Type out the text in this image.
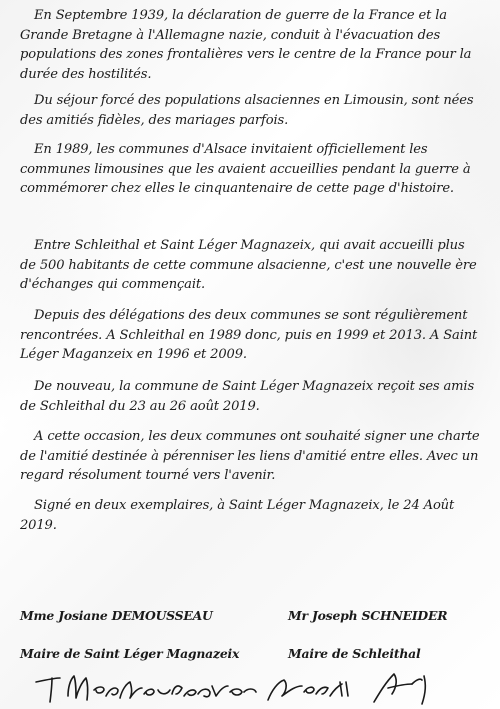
En Septembre 1939, la déclaration de guerre de la France et la Grande Bretagne à l'Allemagne nazie, conduit à l'évacuation des populations des zones frontalières vers le centre de la France pour la durée des hostilités.

Du séjour forcé des populations alsaciennes en Limousin, sont nées des amitiés fidèles, des mariages parfois.

En 1989, les communes d'Alsace invitaient officiellement les communes limousines que les avaient accueillies pendant la guerre à commémorer chez elles le cinquantenaire de cette page d'histoire.

Entre Schleithal et Saint Léger Magnazeix, qui avait accueilli plus de 500 habitants de cette commune alsacienne, c'est une nouvelle ère d'échanges qui commençait.

Depuis des délégations des deux communes se sont régulièrement rencontrées. A Schleithal en 1989 donc, puis en 1999 et 2013. A Saint Léger Maganzeix en 1996 et 2009.

De nouveau, la commune de Saint Léger Magnazeix reçoit ses amis de Schleithal du 23 au 26 août 2019.

A cette occasion, les deux communes ont souhaité signer une charte de l'amitié destinée à pérenniser les liens d'amitié entre elles. Avec un regard résolument tourné vers l'avenir.

Signé en deux exemplaires, à Saint Léger Magnazeix, le 24 Août 2019.

Mme Josiane DEMOUSSEAU
Maire de Saint Léger Magnazeix
Mr Joseph SCHNEIDER
Maire de Schleithal
